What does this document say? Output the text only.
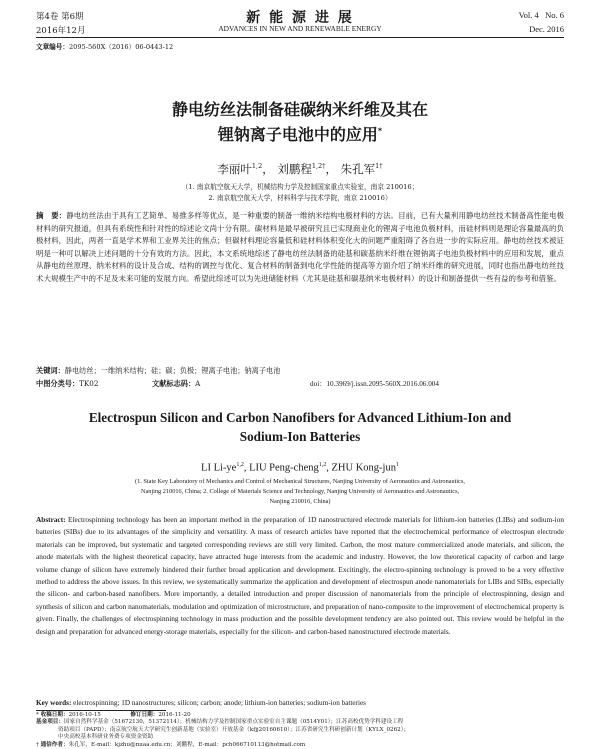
第4卷 第6期
2016年12月
新 能 源 进 展
ADVANCES IN NEW AND RENEWABLE ENERGY
Vol. 4   No. 6
Dec. 2016
文章编号：2095-560X（2016）06-0443-12
静电纺丝法制备硅碳纳米纤维及其在
锂钠离子电池中的应用*
李丽叶$^{1,2}$， 刘鹏程$^{1,2\dagger}$， 朱孔军$^{1\dagger}$
（1. 南京航空航天大学，机械结构力学及控制国家重点实验室，南京 210016；
2. 南京航空航天大学，材料科学与技术学院，南京 210016）
摘　要：静电纺丝法由于具有工艺简单、易推多样等优点，是一种重要的制备一维纳米结构电极材料的方法。目前，已有大量利用静电纺丝技术制备高性能电极材料的研究报道，但具有系统性和针对性的综述论文尚十分有限。碳材料是最早被研究且已实现商业化的锂离子电池负极材料，而硅材料则是理论容量最高的负极材料，因此，两者一直是学术界和工业界关注的焦点；但碳材料理论容量低和硅材料体积变化大的问题严重阻碍了各自进一步的实际应用。静电纺丝技术被证明是一种可以解决上述问题的十分有效的方法。因此，本文系统地综述了静电纺丝法制备的硅基和碳基纳米纤维在锂钠离子电池负极材料中的应用和发展，重点从静电纺丝原理、纳米材料的设计及合成、结构的调控与优化、复合材料的制备到电化学性能的提高等方面介绍了纳米纤维的研究进展，同时也指出静电纺丝技术大规模生产中的不足及未来可能的发展方向。希望此综述可以为先进储能材料（尤其是硅基和碳基纳米电极材料）的设计和制备提供一些有益的参考和借鉴。
关键词：静电纺丝；一维纳米结构；硅；碳；负极；锂离子电池；钠离子电池
中图分类号：TK02	文献标志码：A	doi：10.3969/j.issn.2095-560X.2016.06.004
Electrospun Silicon and Carbon Nanofibers for Advanced Lithium-Ion and
Sodium-Ion Batteries
LI Li-ye$^{1,2}$, LIU Peng-cheng$^{1,2}$, ZHU Kong-jun$^1$
(1. State Key Laboratory of Mechanics and Control of Mechanical Structures, Nanjing University of Aeronautics and Astronautics,
Nanjing 210016, China; 2. College of Materials Science and Technology, Nanjing University of Aeronautics and Astronautics,
Nanjing 210016, China)
Abstract: Electrospinning technology has been an important method in the preparation of 1D nanostructured electrode materials for lithium-ion batteries (LIBs) and sodium-ion batteries (SIBs) due to its advantages of the simplicity and versatility. A mass of research articles have reported that the electrochemical performance of electrospun electrode materials can be improved, but systematic and targeted corresponding reviews are still very limited. Carbon, the most mature commercialized anode materials, and silicon, the anode materials with the highest theoretical capacity, have attracted huge interests from the academic and industry. However, the low theoretical capacity of carbon and large volume change of silicon have extremely hindered their further broad application and development. Excitingly, the electro-spinning technology is proved to be a very effective method to address the above issues. In this review, we systematically summarize the application and development of electrospun anode nanomaterials for LIBs and SIBs, especially the silicon- and carbon-based nanofibers. More importantly, a detailed introduction and proper discussion of nanomaterials from the principle of electrospinning, design and synthesis of silicon and carbon nanomaterials, modulation and optimization of microstructure, and preparation of nano-composite to the improvement of electrochemical property is given. Finally, the challenges of electrospinning technology in mass production and the possible development tendency are also pointed out. This review would be helpful in the design and preparation for advanced energy-storage materials, especially for the silicon- and carbon-based nanostructured electrode materials.
Key words: electrospinning; 1D nanostructures; silicon; carbon; anode; lithium-ion batteries; sodium-ion batteries
* 收稿日期：2016-10-15	修订日期：2016-11-20
基金项目：国家自然科学基金（51672130，51372114）；机械结构力学及控制国家重点实验室自主课题（0514Y01）；江苏高校优势学科建设工程
资助项目（PAPD）；南京航空航天大学研究生创新基地（实验室）开放基金（kfjj20160610）；江苏省研究生科研创新计划（KYLX_0262）；
中央高校基本科研业务费专项资金资助
† 通信作者：朱孔军，E-mail：kjzhu@nuaa.edu.cn；刘鹏程，E-mail：pch066710113@hotmail.com
